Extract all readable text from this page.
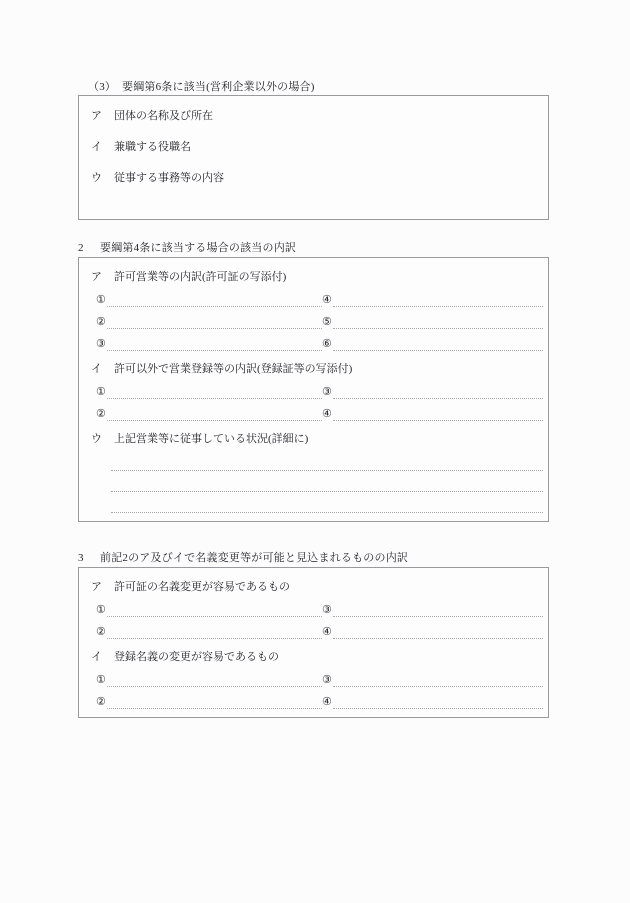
（3） 要綱第6条に該当(営利企業以外の場合)
ア 団体の名称及び所在
イ 兼職する役職名
ウ 従事する事務等の内容
2 要綱第4条に該当する場合の該当の内訳
ア 許可営業等の内訳(許可証の写添付)
①	④
②	⑤
③	⑥
イ 許可以外で営業登録等の内訳(登録証等の写添付)
①	③
②	④
ウ 上記営業等に従事している状況(詳細に)
3 前記2のア及びイで名義変更等が可能と見込まれるものの内訳
ア 許可証の名義変更が容易であるもの
①	③
②	④
イ 登録名義の変更が容易であるもの
①	③
②	④
